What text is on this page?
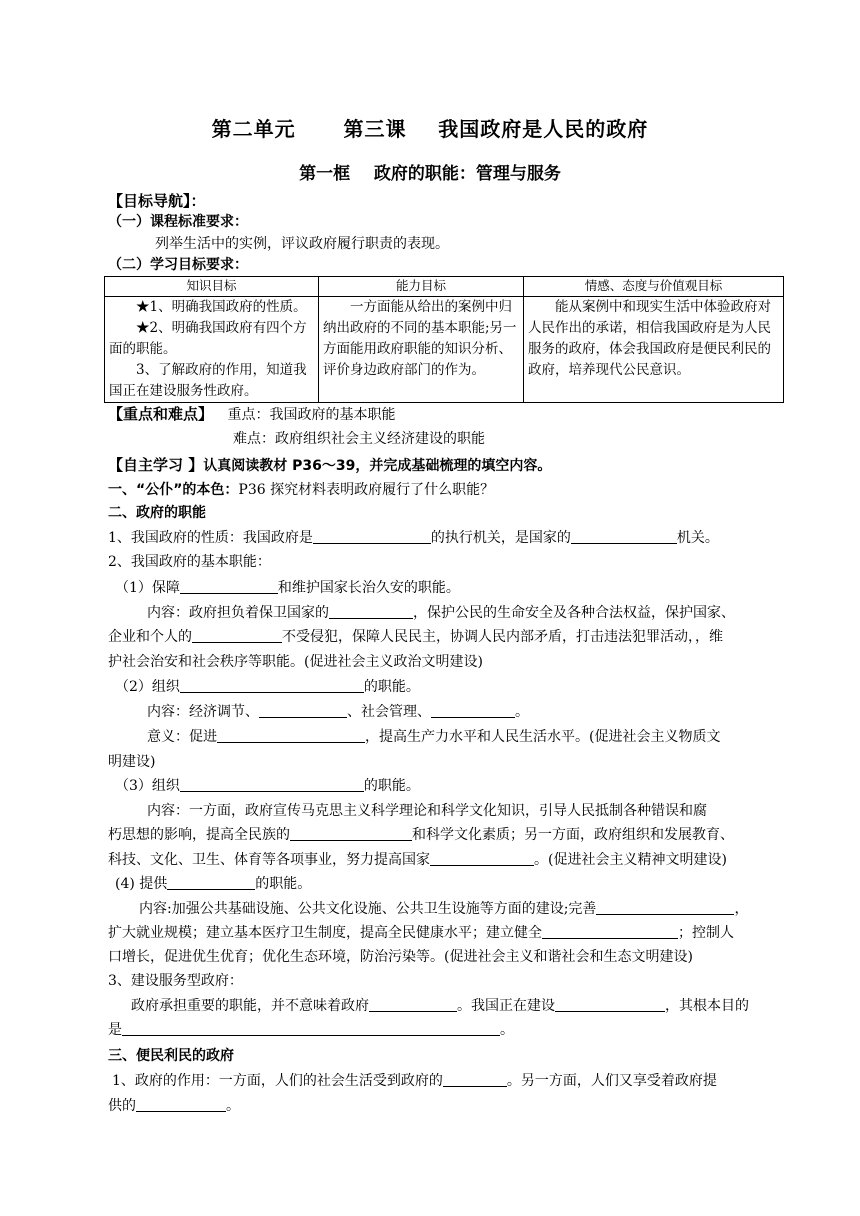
第二单元      第三课    我国政府是人民的政府
第一框    政府的职能：管理与服务
【目标导航】：
（一）课程标准要求：
列举生活中的实例，评议政府履行职责的表现。
（二）学习目标要求：
知识目标	能力目标	情感、态度与价值观目标

★1、明确我国政府的性质。

★2、明确我国政府有四个方面的职能。

3、了解政府的作用，知道我国正在建设服务性政府。	一方面能从给出的案例中归纳出政府的不同的基本职能;另一方面能用政府职能的知识分析、评价身边政府部门的作为。	能从案例中和现实生活中体验政府对人民作出的承诺，相信我国政府是为人民服务的政府，体会我国政府是便民利民的政府，培养现代公民意识。

【重点和难点】 重点：我国政府的基本职能
难点：政府组织社会主义经济建设的职能
【自主学习 】认真阅读教材 P36～39，并完成基础梳理的填空内容。
一、“公仆”的本色：P36 探究材料表明政府履行了什么职能？
二、政府的职能
1、我国政府的性质：我国政府是	的执行机关，是国家的	机关。
2、我国政府的基本职能：
（1）保障	和维护国家长治久安的职能。
内容：政府担负着保卫国家的	，保护公民的生命安全及各种合法权益，保护国家、
企业和个人的	不受侵犯，保障人民民主，协调人民内部矛盾，打击违法犯罪活动，，维
护社会治安和社会秩序等职能。(促进社会主义政治文明建设)
（2）组织	的职能。
内容：经济调节、	、社会管理、	。
意义：促进	，提高生产力水平和人民生活水平。(促进社会主义物质文
明建设)
（3）组织	的职能。
内容：一方面，政府宣传马克思主义科学理论和科学文化知识，引导人民抵制各种错误和腐
朽思想的影响，提高全民族的	和科学文化素质；另一方面，政府组织和发展教育、
科技、文化、卫生、体育等各项事业，努力提高国家	。(促进社会主义精神文明建设)
(4) 提供	的职能。
内容:加强公共基础设施、公共文化设施、公共卫生设施等方面的建设;完善	，
扩大就业规模；建立基本医疗卫生制度，提高全民健康水平；建立健全	；控制人
口增长，促进优生优育；优化生态环境，防治污染等。(促进社会主义和谐社会和生态文明建设)
3、建设服务型政府：
政府承担重要的职能，并不意味着政府	。我国正在建设	，其根本目的
是	。
三、便民利民的政府
1、政府的作用：一方面，人们的社会生活受到政府的	。另一方面，人们又享受着政府提
供的	。
